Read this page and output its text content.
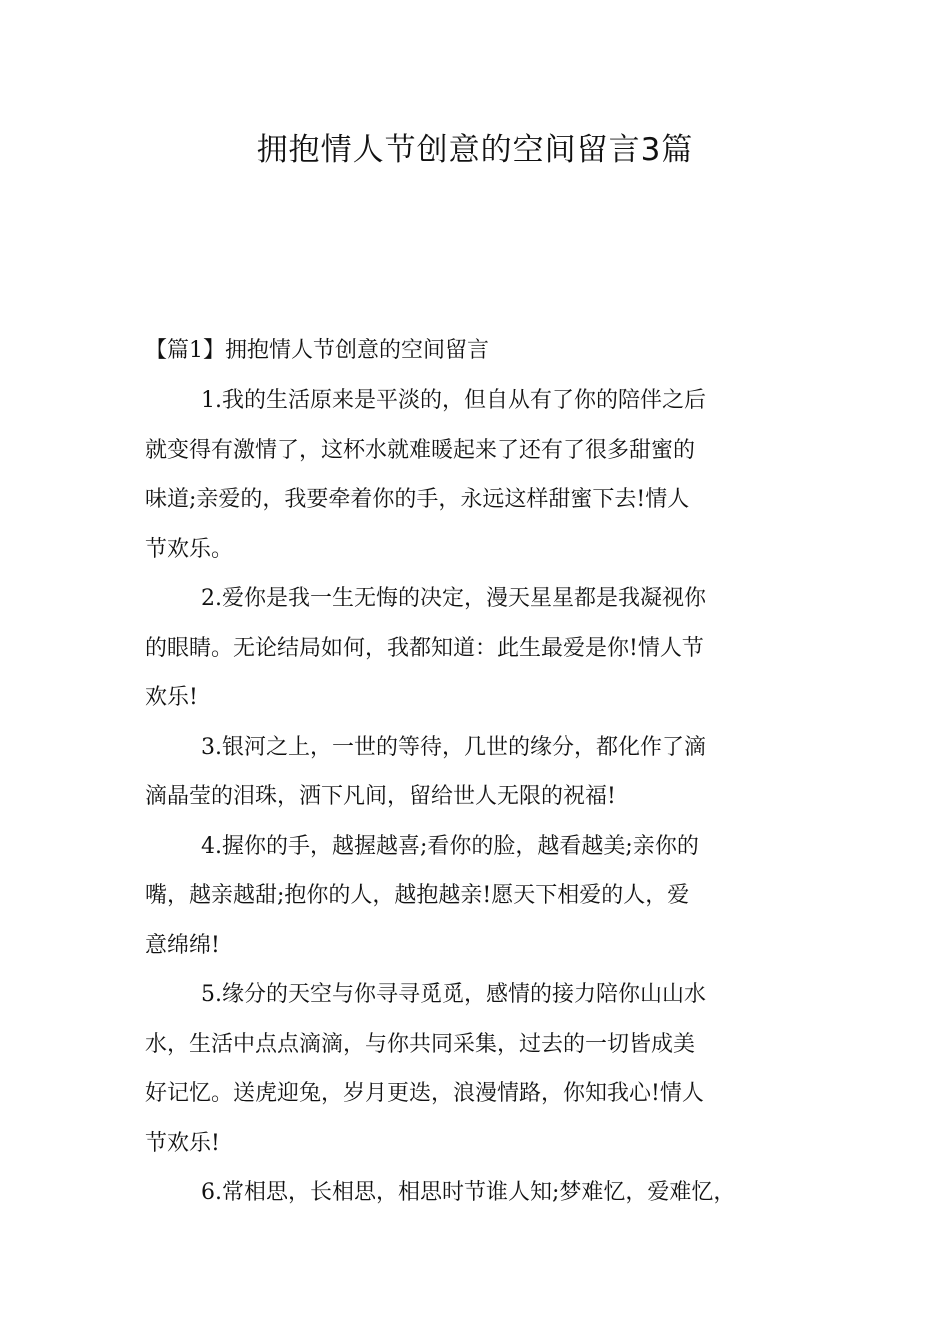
拥抱情人节创意的空间留言3篇
【篇1】拥抱情人节创意的空间留言

1.我的生活原来是平淡的，但自从有了你的陪伴之后
就变得有激情了，这杯水就难暖起来了还有了很多甜蜜的
味道;亲爱的，我要牵着你的手，永远这样甜蜜下去!情人
节欢乐。

2.爱你是我一生无悔的决定，漫天星星都是我凝视你
的眼睛。无论结局如何，我都知道：此生最爱是你!情人节
欢乐!

3.银河之上，一世的等待，几世的缘分，都化作了滴
滴晶莹的泪珠，洒下凡间，留给世人无限的祝福!

4.握你的手，越握越喜;看你的脸，越看越美;亲你的
嘴，越亲越甜;抱你的人，越抱越亲!愿天下相爱的人，爱
意绵绵!

5.缘分的天空与你寻寻觅觅，感情的接力陪你山山水
水，生活中点点滴滴，与你共同采集，过去的一切皆成美
好记忆。送虎迎兔，岁月更迭，浪漫情路，你知我心!情人
节欢乐!

6.常相思，长相思，相思时节谁人知;梦难忆，爱难忆，
